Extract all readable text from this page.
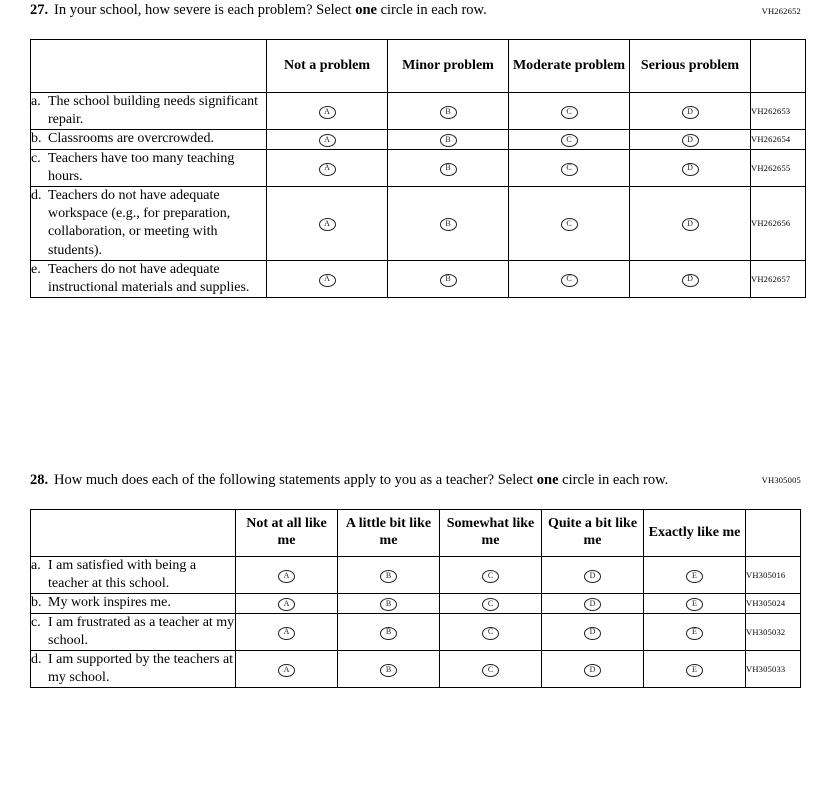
VH262652
27. In your school, how severe is each problem? Select one circle in each row.
	Not a problem	Minor problem	Moderate problem	Serious problem	

a. The school building needs significant repair.	A	B	C	D	VH262653

b. Classrooms are overcrowded.	A	B	C	D	VH262654

c. Teachers have too many teaching hours.	A	B	C	D	VH262655

d. Teachers do not have adequate workspace (e.g., for preparation, collaboration, or meeting with students).	A	B	C	D	VH262656

e. Teachers do not have adequate instructional materials and supplies.	A	B	C	D	VH262657
VH305005
28. How much does each of the following statements apply to you as a teacher? Select one circle in each row.
	Not at all like me	A little bit like me	Somewhat like me	Quite a bit like me	Exactly like me	

a. I am satisfied with being a teacher at this school.	A	B	C	D	E	VH305016

b. My work inspires me.	A	B	C	D	E	VH305024

c. I am frustrated as a teacher at my school.	A	B	C	D	E	VH305032

d. I am supported by the teachers at my school.	A	B	C	D	E	VH305033
